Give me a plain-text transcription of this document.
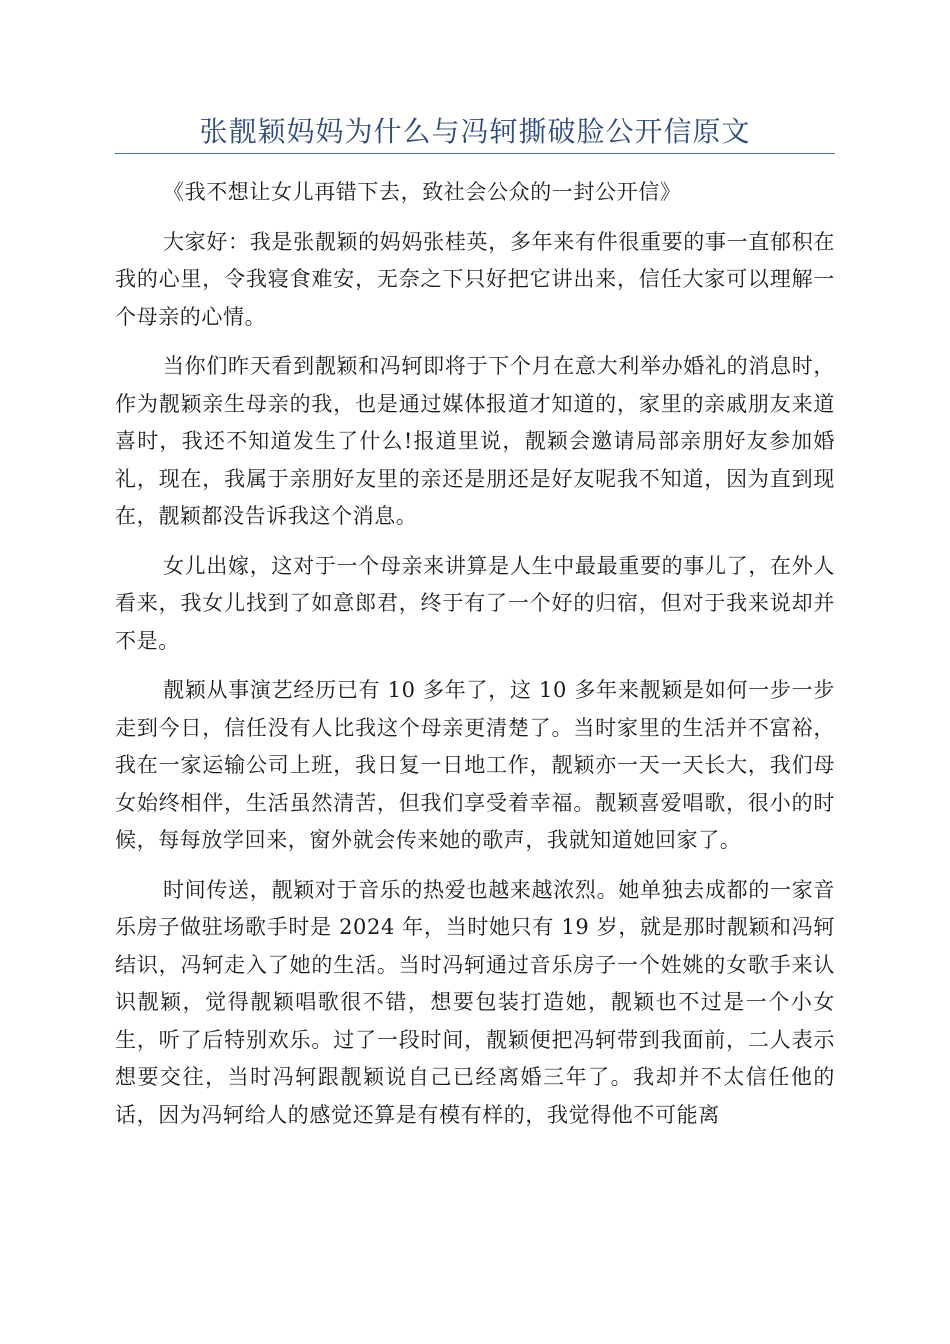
张靓颖妈妈为什么与冯轲撕破脸公开信原文

《我不想让女儿再错下去，致社会公众的一封公开信》

大家好：我是张靓颖的妈妈张桂英，多年来有件很重要的事一直郁积在我的心里，令我寝食难安，无奈之下只好把它讲出来，信任大家可以理解一个母亲的心情。

当你们昨天看到靓颖和冯轲即将于下个月在意大利举办婚礼的消息时，作为靓颖亲生母亲的我，也是通过媒体报道才知道的，家里的亲戚朋友来道喜时，我还不知道发生了什么!报道里说，靓颖会邀请局部亲朋好友参加婚礼，现在，我属于亲朋好友里的亲还是朋还是好友呢我不知道，因为直到现在，靓颖都没告诉我这个消息。

女儿出嫁，这对于一个母亲来讲算是人生中最最重要的事儿了，在外人看来，我女儿找到了如意郎君，终于有了一个好的归宿，但对于我来说却并不是。

靓颖从事演艺经历已有 10 多年了，这 10 多年来靓颖是如何一步一步走到今日，信任没有人比我这个母亲更清楚了。当时家里的生活并不富裕，我在一家运输公司上班，我日复一日地工作，靓颖亦一天一天长大，我们母女始终相伴，生活虽然清苦，但我们享受着幸福。靓颖喜爱唱歌，很小的时候，每每放学回来，窗外就会传来她的歌声，我就知道她回家了。

时间传送，靓颖对于音乐的热爱也越来越浓烈。她单独去成都的一家音乐房子做驻场歌手时是 2024 年，当时她只有 19 岁，就是那时靓颖和冯轲结识，冯轲走入了她的生活。当时冯轲通过音乐房子一个姓姚的女歌手来认识靓颖，觉得靓颖唱歌很不错，想要包装打造她，靓颖也不过是一个小女生，听了后特别欢乐。过了一段时间，靓颖便把冯轲带到我面前，二人表示想要交往，当时冯轲跟靓颖说自己已经离婚三年了。我却并不太信任他的话，因为冯轲给人的感觉还算是有模有样的，我觉得他不可能离
